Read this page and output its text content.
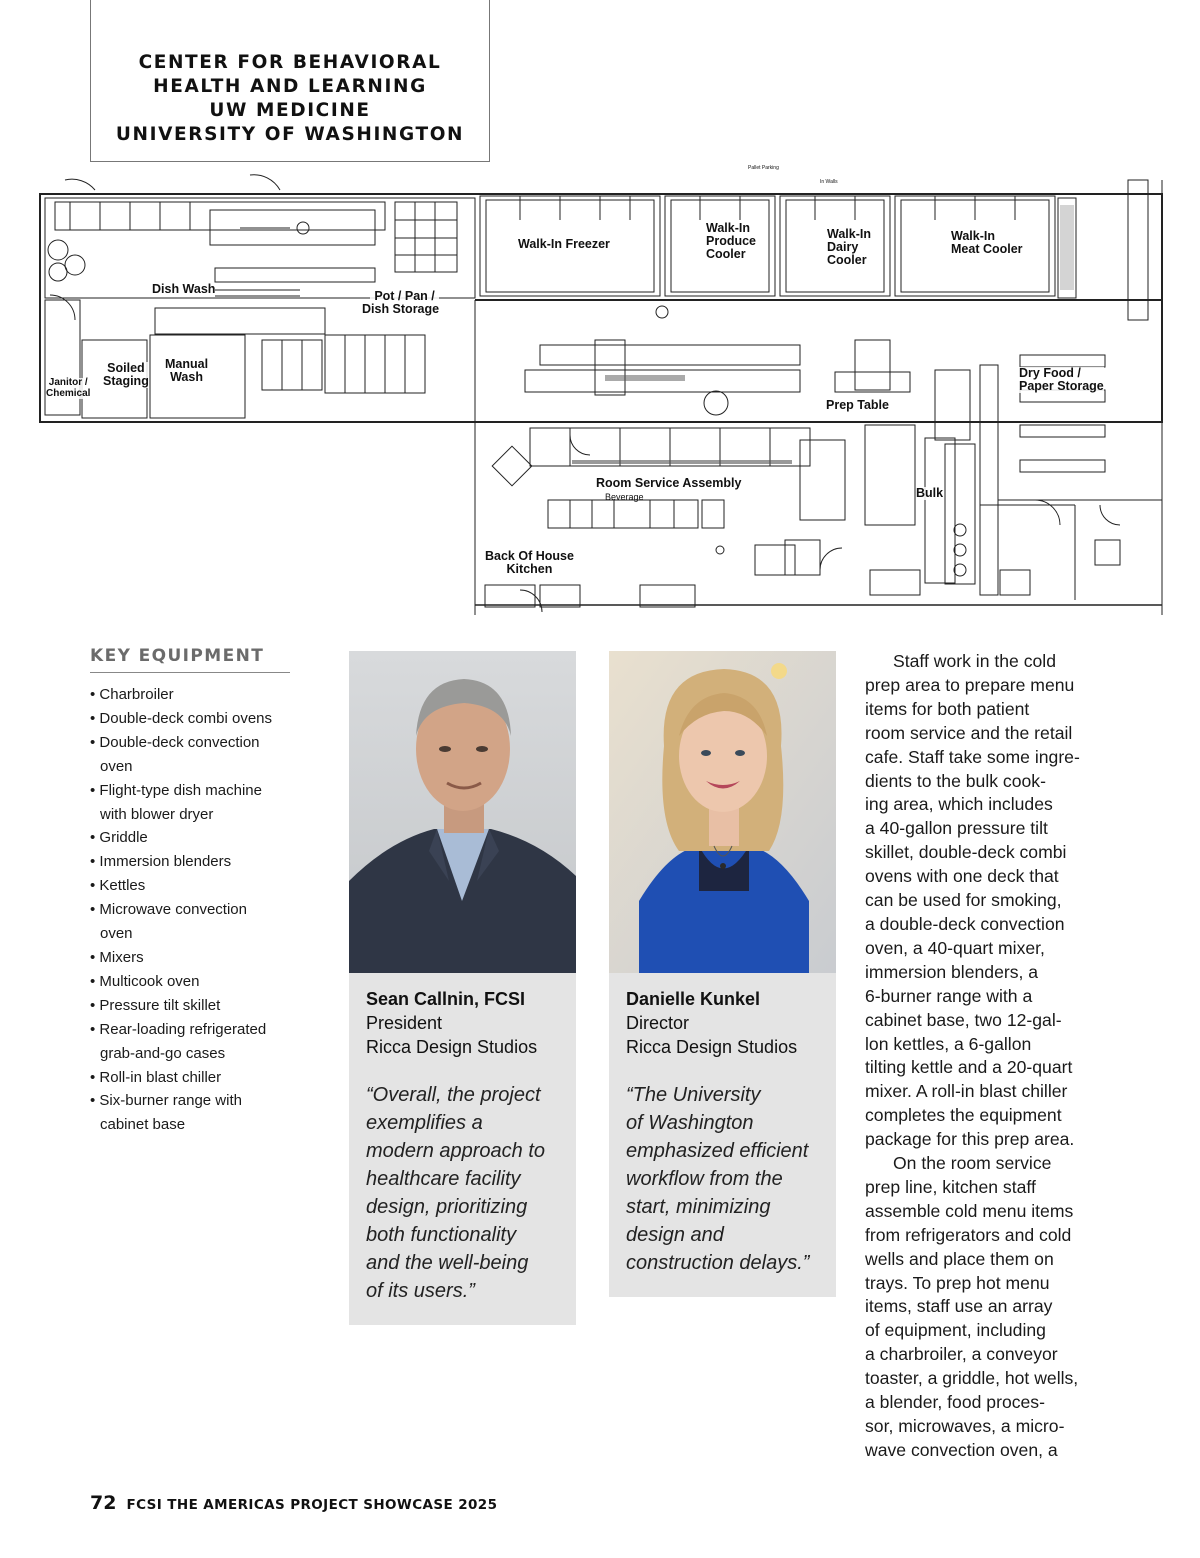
CENTER FOR BEHAVIORAL
HEALTH AND LEARNING
UW MEDICINE
UNIVERSITY OF WASHINGTON
Pallet Parking
In Walls
Dish Wash	Pot / Pan /
Dish Storage
Soiled
Staging
Manual
Wash
Janitor /
Chemical
Walk-In Freezer
Walk-In
Produce
Cooler
Walk-In
Dairy
Cooler
Walk-In
Meat Cooler
Dry Food /
Paper Storage
Prep Table
Bulk
Room Service Assembly
Beverage
Back Of House
Kitchen
KEY EQUIPMENT
• Charbroiler
• Double-deck combi ovens
• Double-deck convection
oven
• Flight-type dish machine
with blower dryer
• Griddle
• Immersion blenders
• Kettles
• Microwave convection
oven
• Mixers
• Multicook oven
• Pressure tilt skillet
• Rear-loading refrigerated
grab-and-go cases
• Roll-in blast chiller
• Six-burner range with
cabinet base
Sean Callnin, FCSI
President
Ricca Design Studios
“Overall, the project
exemplifies a
modern approach to
healthcare facility
design, prioritizing
both functionality
and the well-being
of its users.”
Danielle Kunkel
Director
Ricca Design Studios
“The University
of Washington
emphasized efficient
workflow from the
start, minimizing
design and
construction delays.”

Staff work in the cold
prep area to prepare menu
items for both patient
room service and the retail
cafe. Staff take some ingre-
dients to the bulk cook-
ing area, which includes
a 40-gallon pressure tilt
skillet, double-deck combi
ovens with one deck that
can be used for smoking,
a double-deck convection
oven, a 40-quart mixer,
immersion blenders, a
6-burner range with a
cabinet base, two 12-gal-
lon kettles, a 6-gallon
tilting kettle and a 20-quart
mixer. A roll-in blast chiller
completes the equipment
package for this prep area.
On the room service
prep line, kitchen staff
assemble cold menu items
from refrigerators and cold
wells and place them on
trays. To prep hot menu
items, staff use an array
of equipment, including
a charbroiler, a conveyor
toaster, a griddle, hot wells,
a blender, food proces-
sor, microwaves, a micro-
wave convection oven, a

72 FCSI THE AMERICAS PROJECT SHOWCASE 2025
